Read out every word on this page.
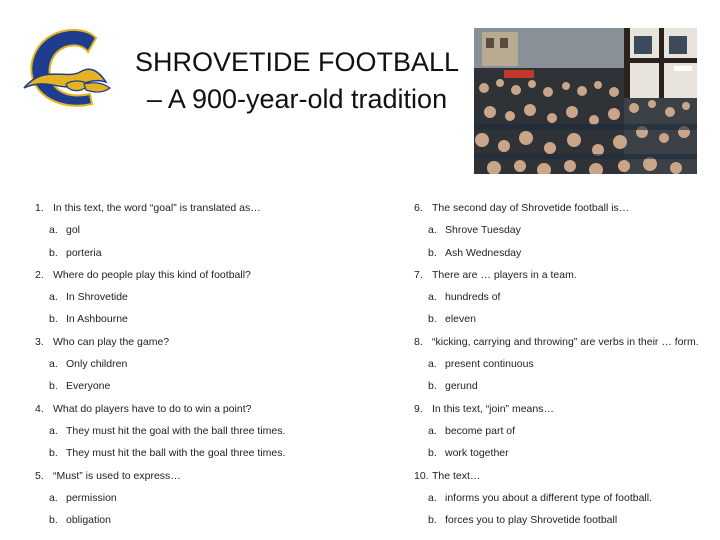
SHROVETIDE FOOTBALL
– A 900-year-old tradition
1. In this text, the word “goal” is translated as…
a. gol
b. porteria
2. Where do people play this kind of football?
a. In Shrovetide
b. In Ashbourne
3. Who can play the game?
a. Only children
b. Everyone
4. What do players have to do to win a point?
a. They must hit the goal with the ball three times.
b. They must hit the ball with the goal three times.
5. “Must” is used to express…
a. permission
b. obligation
6. The second day of Shrovetide football is…
a. Shrove Tuesday
b. Ash Wednesday
7. There are … players in a team.
a. hundreds of
b. eleven
8. “kicking, carrying and throwing” are verbs in their … form.
a. present continuous
b. gerund
9. In this text, “join” means…
a. become part of
b. work together
10. The text…
a. informs you about a different type of football.
b. forces you to play Shrovetide football
